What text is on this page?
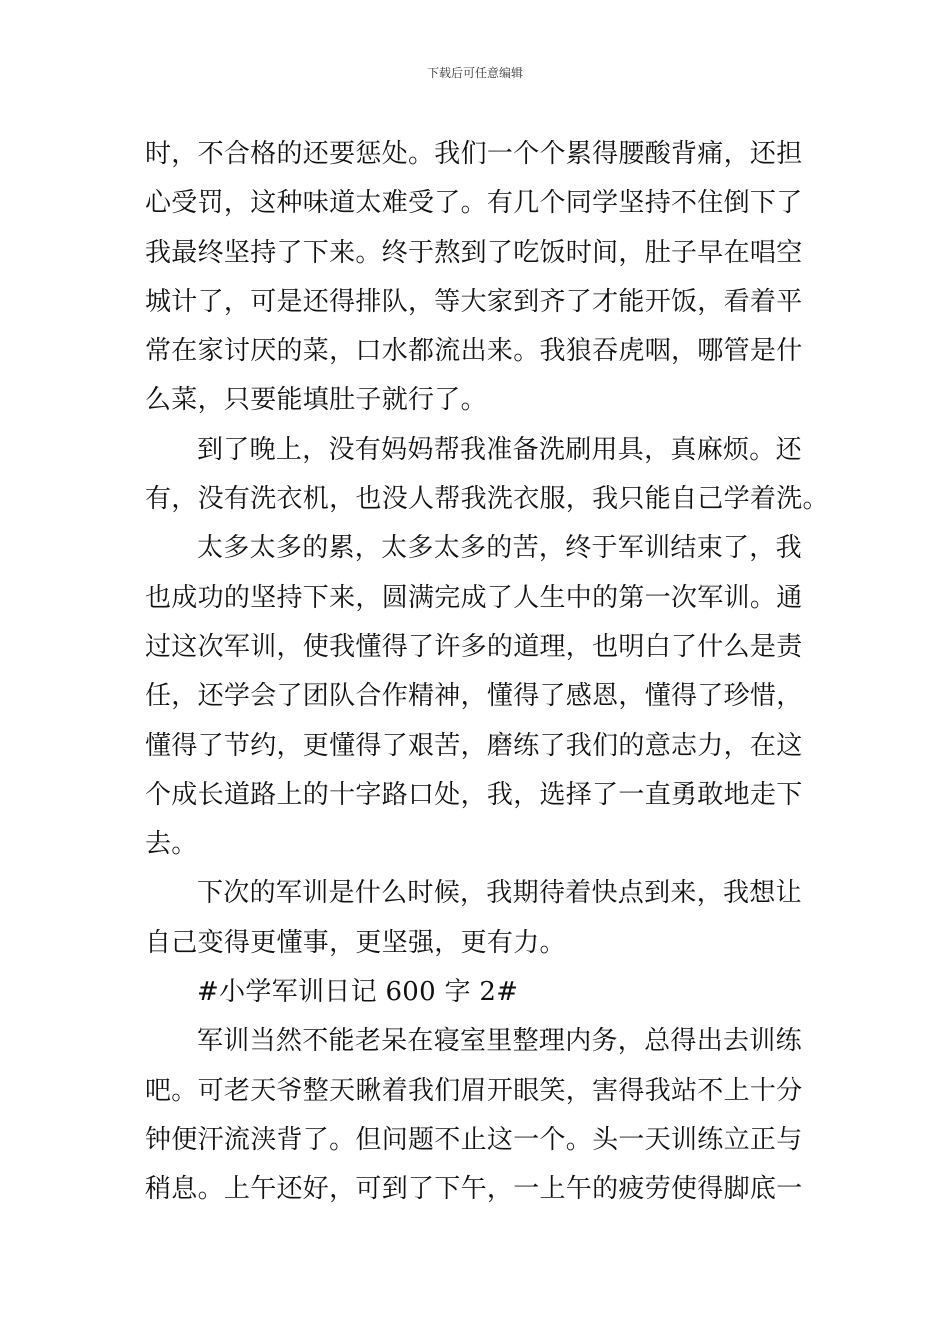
下载后可任意编辑
时，不合格的还要惩处。我们一个个累得腰酸背痛，还担
心受罚，这种味道太难受了。有几个同学坚持不住倒下了
我最终坚持了下来。终于熬到了吃饭时间，肚子早在唱空
城计了，可是还得排队，等大家到齐了才能开饭，看着平
常在家讨厌的菜，口水都流出来。我狼吞虎咽，哪管是什
么菜，只要能填肚子就行了。
到了晚上，没有妈妈帮我准备洗刷用具，真麻烦。还
有，没有洗衣机，也没人帮我洗衣服，我只能自己学着洗。
太多太多的累，太多太多的苦，终于军训结束了，我
也成功的坚持下来，圆满完成了人生中的第一次军训。通
过这次军训，使我懂得了许多的道理，也明白了什么是责
任，还学会了团队合作精神，懂得了感恩，懂得了珍惜，
懂得了节约，更懂得了艰苦，磨练了我们的意志力，在这
个成长道路上的十字路口处，我，选择了一直勇敢地走下
去。
下次的军训是什么时候，我期待着快点到来，我想让
自己变得更懂事，更坚强，更有力。
#小学军训日记 600 字 2#
军训当然不能老呆在寝室里整理内务，总得出去训练
吧。可老天爷整天瞅着我们眉开眼笑，害得我站不上十分
钟便汗流浃背了。但问题不止这一个。头一天训练立正与
稍息。上午还好，可到了下午，一上午的疲劳使得脚底一
